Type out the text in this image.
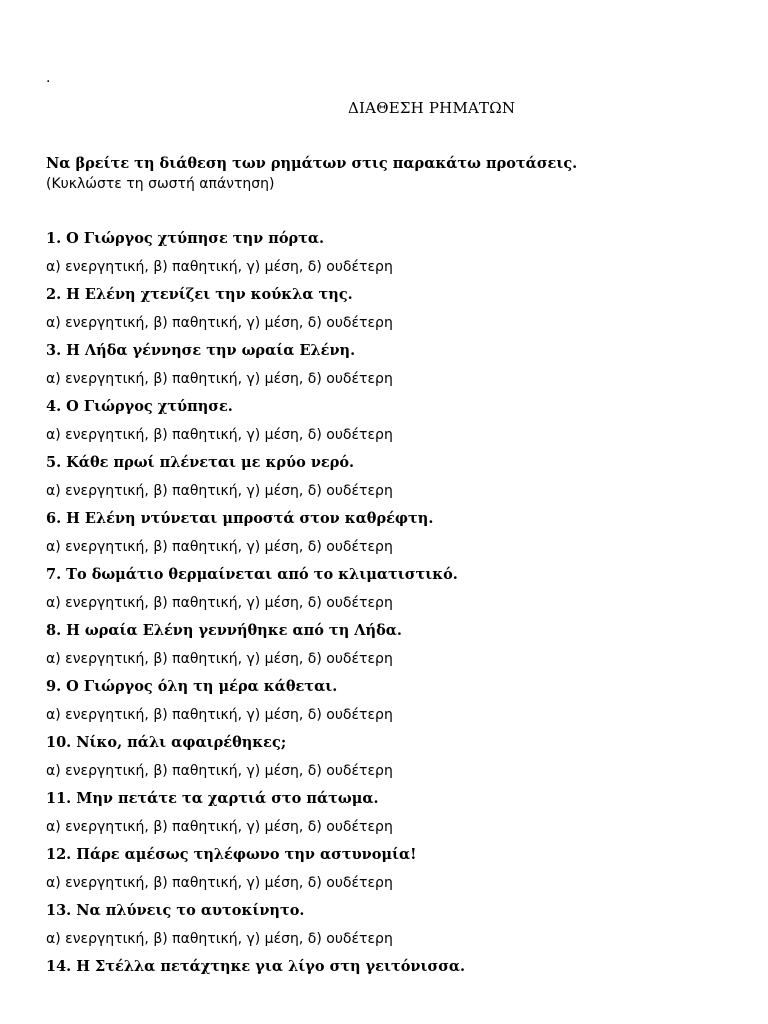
.
ΔΙΑΘΕΣΗ ΡΗΜΑΤΩΝ
Να βρείτε τη διάθεση των ρημάτων στις παρακάτω προτάσεις.
(Κυκλώστε τη σωστή απάντηση)
1. Ο Γιώργος χτύπησε την πόρτα.
α) ενεργητική, β) παθητική, γ) μέση, δ) ουδέτερη
2. Η Ελένη χτενίζει την κούκλα της.
α) ενεργητική, β) παθητική, γ) μέση, δ) ουδέτερη
3. Η Λήδα γέννησε την ωραία Ελένη.
α) ενεργητική, β) παθητική, γ) μέση, δ) ουδέτερη
4. Ο Γιώργος χτύπησε.
α) ενεργητική, β) παθητική, γ) μέση, δ) ουδέτερη
5. Κάθε πρωί πλένεται με κρύο νερό.
α) ενεργητική, β) παθητική, γ) μέση, δ) ουδέτερη
6. Η Ελένη ντύνεται μπροστά στον καθρέφτη.
α) ενεργητική, β) παθητική, γ) μέση, δ) ουδέτερη
7. Το δωμάτιο θερμαίνεται από το κλιματιστικό.
α) ενεργητική, β) παθητική, γ) μέση, δ) ουδέτερη
8. Η ωραία Ελένη γεννήθηκε από τη Λήδα.
α) ενεργητική, β) παθητική, γ) μέση, δ) ουδέτερη
9. Ο Γιώργος όλη τη μέρα κάθεται.
α) ενεργητική, β) παθητική, γ) μέση, δ) ουδέτερη
10. Νίκο, πάλι αφαιρέθηκες;
α) ενεργητική, β) παθητική, γ) μέση, δ) ουδέτερη
11. Μην πετάτε τα χαρτιά στο πάτωμα.
α) ενεργητική, β) παθητική, γ) μέση, δ) ουδέτερη
12. Πάρε αμέσως τηλέφωνο την αστυνομία!
α) ενεργητική, β) παθητική, γ) μέση, δ) ουδέτερη
13. Να πλύνεις το αυτοκίνητο.
α) ενεργητική, β) παθητική, γ) μέση, δ) ουδέτερη
14. Η Στέλλα πετάχτηκε για λίγο στη γειτόνισσα.
